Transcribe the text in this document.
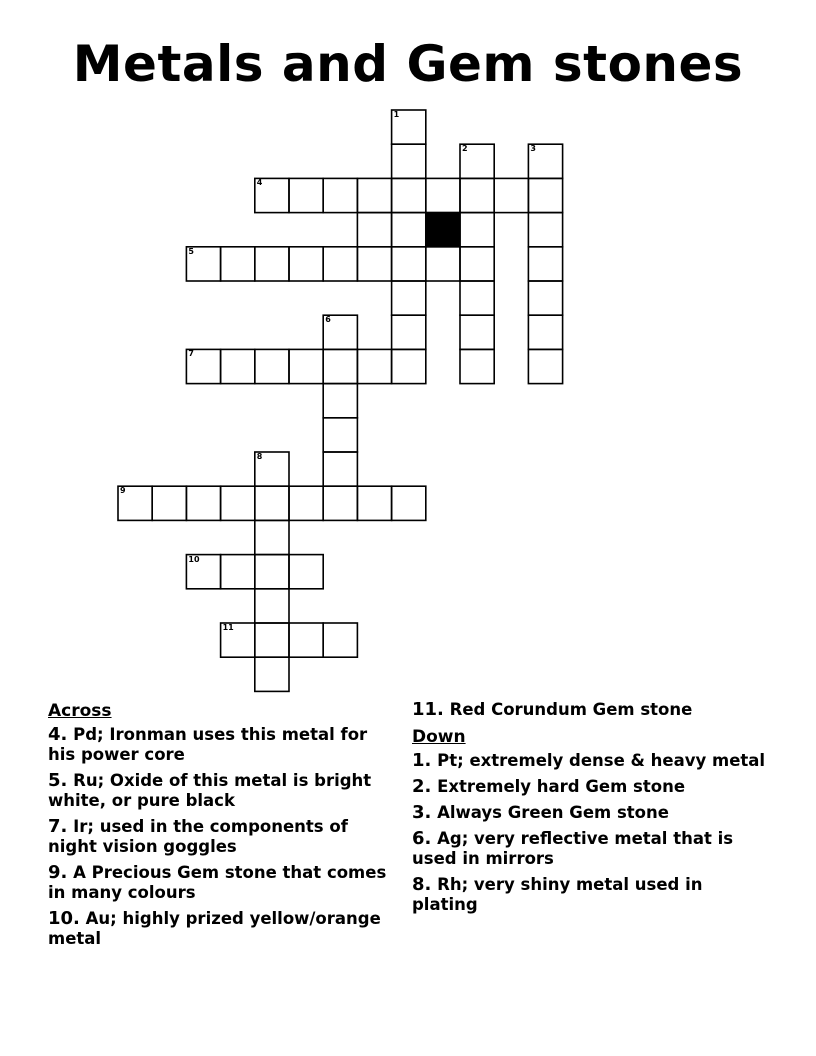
Metals and Gem stones
1
2	3
4
5
6
7
8
9
10
11
Across
4. Pd; Ironman uses this metal for his power core
5. Ru; Oxide of this metal is bright white, or pure black
7. Ir; used in the components of night vision goggles
9. A Precious Gem stone that comes in many colours
10. Au; highly prized yellow/orange metal
11. Red Corundum Gem stone
Down
1. Pt; extremely dense & heavy metal
2. Extremely hard Gem stone
3. Always Green Gem stone
6. Ag; very reflective metal that is used in mirrors
8. Rh; very shiny metal used in plating
